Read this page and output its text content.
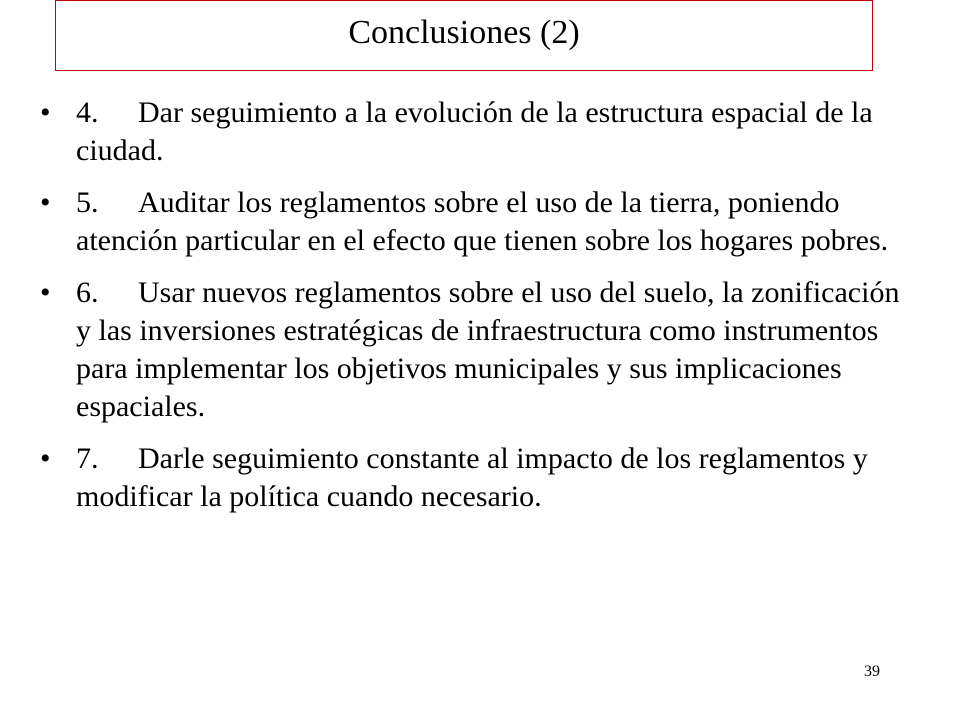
Conclusiones (2)
• 4. Dar seguimiento a la evolución de la estructura espacial de la ciudad.
• 5. Auditar los reglamentos sobre el uso de la tierra, poniendo atención particular en el efecto que tienen sobre los hogares pobres.
• 6. Usar nuevos reglamentos sobre el uso del suelo, la zonificación y las inversiones estratégicas de infraestructura como instrumentos para implementar los objetivos municipales y sus implicaciones espaciales.
• 7. Darle seguimiento constante al impacto de los reglamentos y modificar la política cuando necesario.
39
